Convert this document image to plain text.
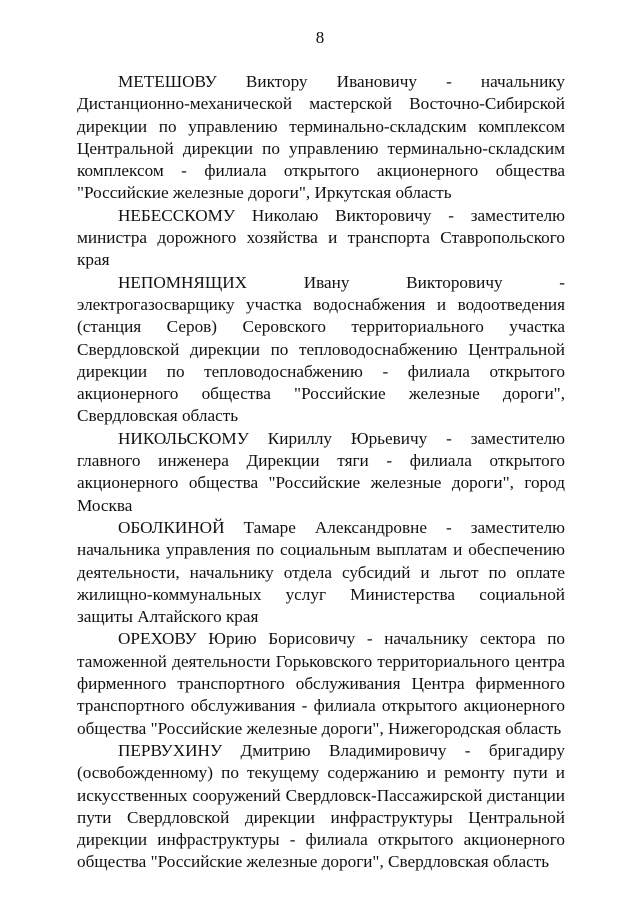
8

МЕТЕШОВУ Виктору Ивановичу - начальнику Дистанционно-механической мастерской Восточно-Сибирской дирекции по управлению терминально-складским комплексом Центральной дирекции по управлению терминально-складским комплексом - филиала открытого акционерного общества "Российские железные дороги", Иркутская область

НЕБЕССКОМУ Николаю Викторовичу - заместителю министра дорожного хозяйства и транспорта Ставропольского края

НЕПОМНЯЩИХ Ивану Викторовичу - электрогазосварщику участка водоснабжения и водоотведения (станция Серов) Серовского территориального участка Свердловской дирекции по тепловодоснабжению Центральной дирекции по тепловодоснабжению - филиала открытого акционерного общества "Российские железные дороги", Свердловская область

НИКОЛЬСКОМУ Кириллу Юрьевичу - заместителю главного инженера Дирекции тяги - филиала открытого акционерного общества "Российские железные дороги", город Москва

ОБОЛКИНОЙ Тамаре Александровне - заместителю начальника управления по социальным выплатам и обеспечению деятельности, начальнику отдела субсидий и льгот по оплате жилищно-коммунальных услуг Министерства социальной защиты Алтайского края

ОРЕХОВУ Юрию Борисовичу - начальнику сектора по таможенной деятельности Горьковского территориального центра фирменного транспортного обслуживания Центра фирменного транспортного обслуживания - филиала открытого акционерного общества "Российские железные дороги", Нижегородская область

ПЕРВУХИНУ Дмитрию Владимировичу - бригадиру (освобожденному) по текущему содержанию и ремонту пути и искусственных сооружений Свердловск-Пассажирской дистанции пути Свердловской дирекции инфраструктуры Центральной дирекции инфраструктуры - филиала открытого акционерного общества "Российские железные дороги", Свердловская область
